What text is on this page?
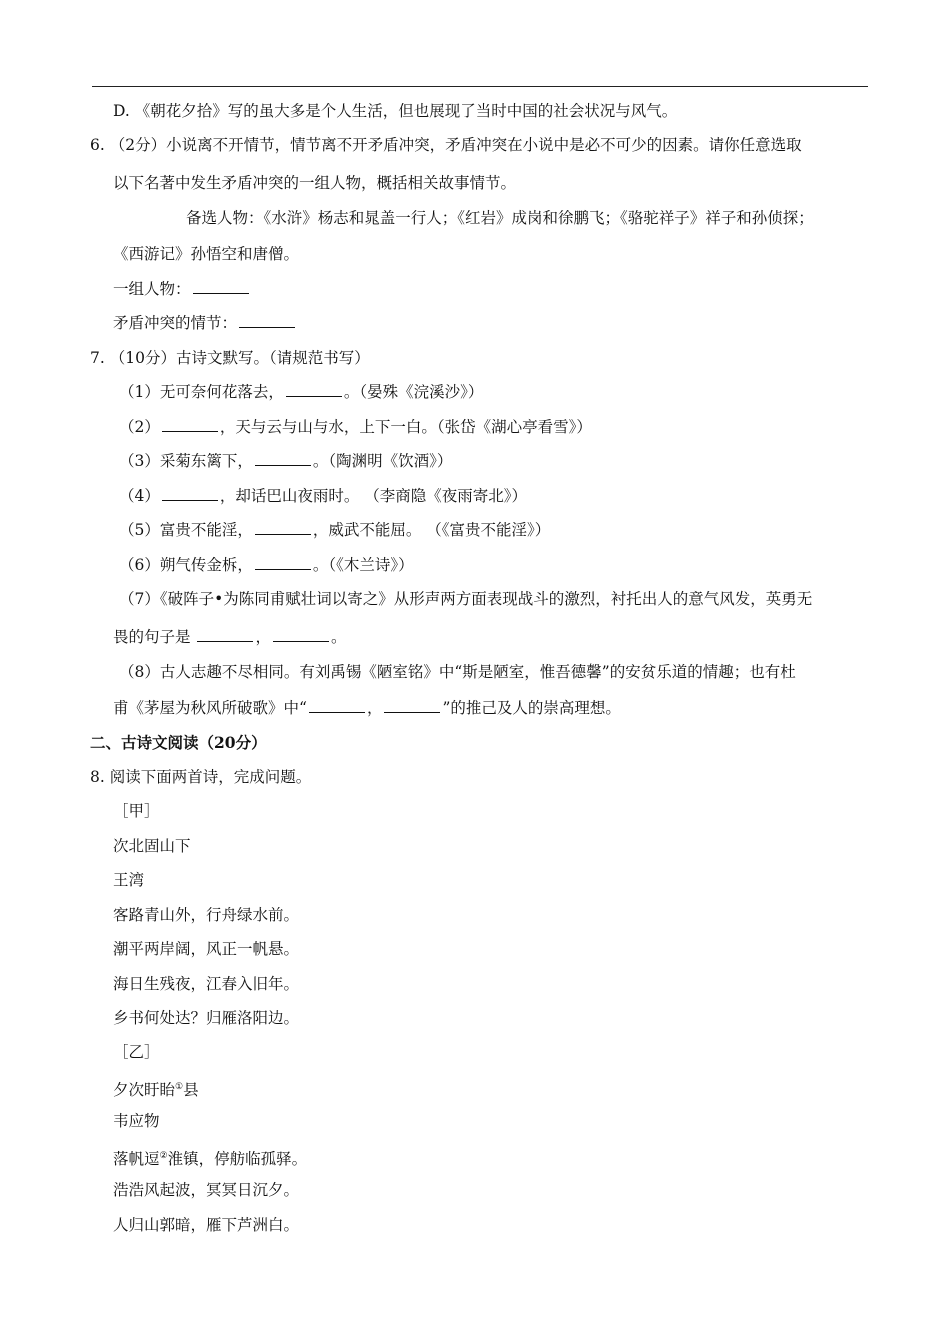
D. 《朝花夕拾》写的虽大多是个人生活，但也展现了当时中国的社会状况与风气。
6. （2分）小说离不开情节，情节离不开矛盾冲突，矛盾冲突在小说中是必不可少的因素。请你任意选取
以下名著中发生矛盾冲突的一组人物，概括相关故事情节。
备选人物：《水浒》杨志和晁盖一行人；《红岩》成岗和徐鹏飞；《骆驼祥子》祥子和孙侦探；
《西游记》孙悟空和唐僧。
一组人物：
矛盾冲突的情节：
7. （10分）古诗文默写。（请规范书写）
（1）无可奈何花落去，	。（晏殊《浣溪沙》）
（2）	，天与云与山与水，上下一白。（张岱《湖心亭看雪》）
（3）采菊东篱下，	。（陶渊明《饮酒》）
（4）	，却话巴山夜雨时。 （李商隐《夜雨寄北》）
（5）富贵不能淫，	，威武不能屈。 （《富贵不能淫》）
（6）朔气传金柝，	。（《木兰诗》）
（7）《破阵子•为陈同甫赋壮词以寄之》从形声两方面表现战斗的激烈，衬托出人的意气风发，英勇无
畏的句子是	，	。
（8）古人志趣不尽相同。有刘禹锡《陋室铭》中“斯是陋室，惟吾德馨”的安贫乐道的情趣；也有杜
甫《茅屋为秋风所破歌》中“	，	”的推己及人的崇高理想。
二、古诗文阅读（20分）
8. 阅读下面两首诗，完成问题。
［甲］
次北固山下
王湾
客路青山外，行舟绿水前。
潮平两岸阔，风正一帆悬。
海日生残夜，江春入旧年。
乡书何处达？归雁洛阳边。
［乙］
夕次盱眙①县
韦应物
落帆逗②淮镇，停舫临孤驿。
浩浩风起波，冥冥日沉夕。
人归山郭暗，雁下芦洲白。
